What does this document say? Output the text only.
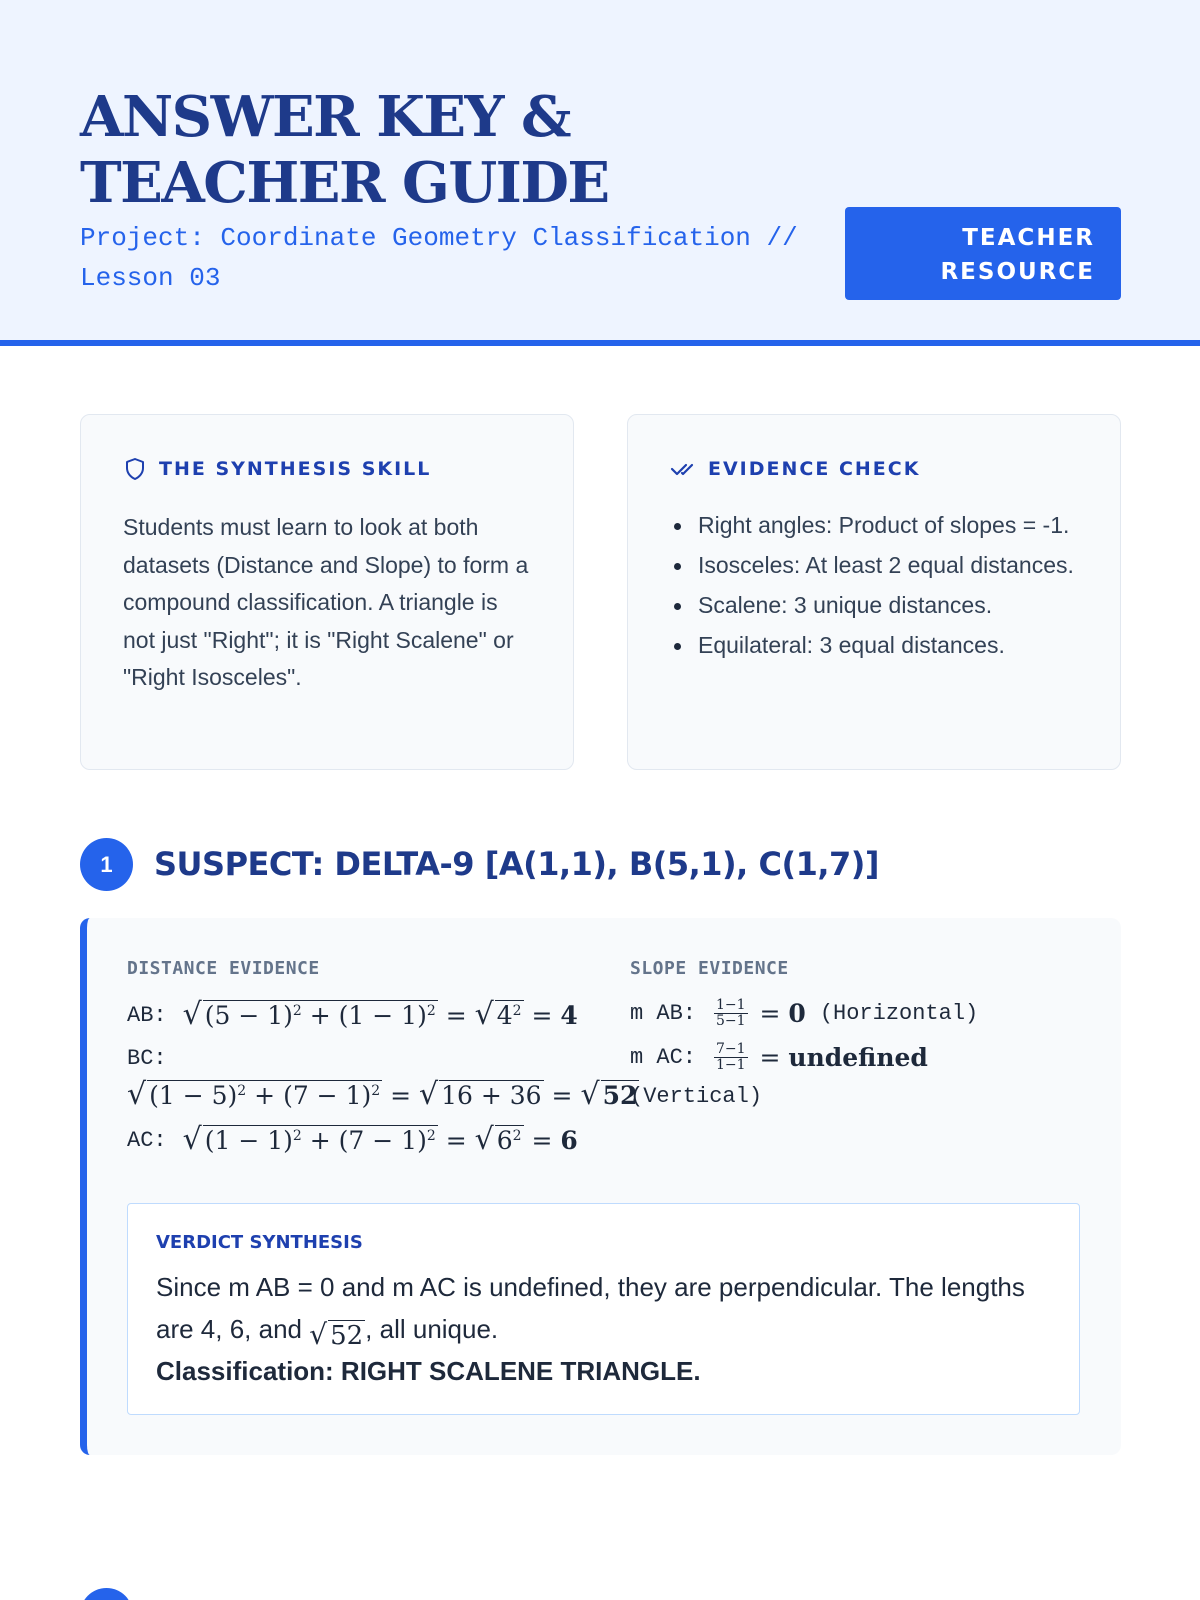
ANSWER KEY & TEACHER GUIDE
Project: Coordinate Geometry Classification // Lesson 03
TEACHER RESOURCE
THE SYNTHESIS SKILL

Students must learn to look at both datasets (Distance and Slope) to form a compound classification. A triangle is not just "Right"; it is "Right Scalene" or "Right Isosceles".

EVIDENCE CHECK
Right angles: Product of slopes = -1.
Isosceles: At least 2 equal distances.
Scalene: 3 unique distances.
Equilateral: 3 equal distances.
1	SUSPECT: DELTA-9 [A(1,1), B(5,1), C(1,7)]
DISTANCE EVIDENCE	SLOPE EVIDENCE
AB: √ $(5 - 1)^2 + (1 - 1)^2$ = √ $4^2 = 4$
BC:
√ $(1 - 5)^2 + (7 - 1)^2$ = √ 16 + 36 = √ 52
AC: √ $(1 - 1)^2 + (7 - 1)^2$ = √ $6^2 = 6$
m AB: $\frac{1-1}{5-1} = 0$ (Horizontal)
m AC: $\frac{7-1}{1-1}$ = undefined
(Vertical)
VERDICT SYNTHESIS

Since m AB = 0 and m AC is undefined, they are perpendicular. The lengths are 4, 6, and √ 52 , all unique.

Classification: RIGHT SCALENE TRIANGLE.
